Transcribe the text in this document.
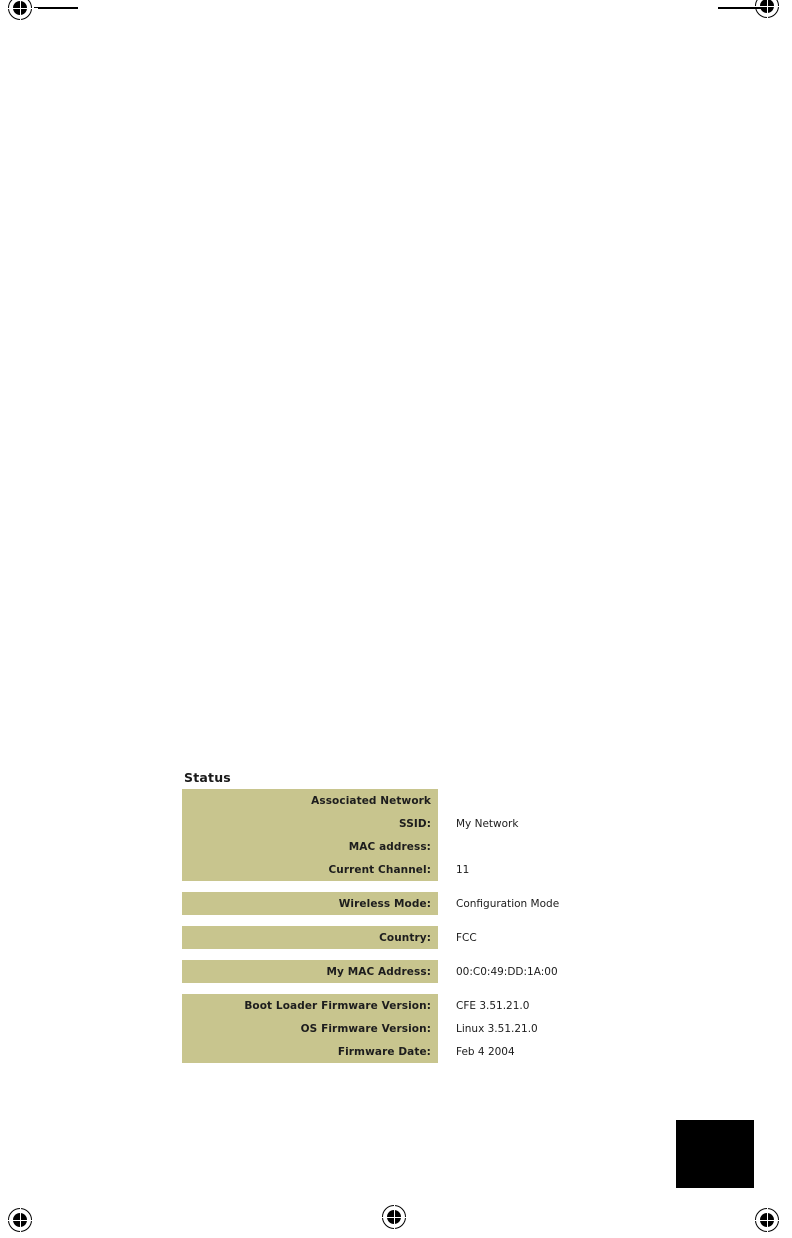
Status
Associated Network
SSID:	My Network
MAC address:
Current Channel:	11
Wireless Mode:	Configuration Mode
Country:	FCC
My MAC Address:	00:C0:49:DD:1A:00
Boot Loader Firmware Version:	CFE 3.51.21.0
OS Firmware Version:	Linux 3.51.21.0
Firmware Date:	Feb 4 2004
